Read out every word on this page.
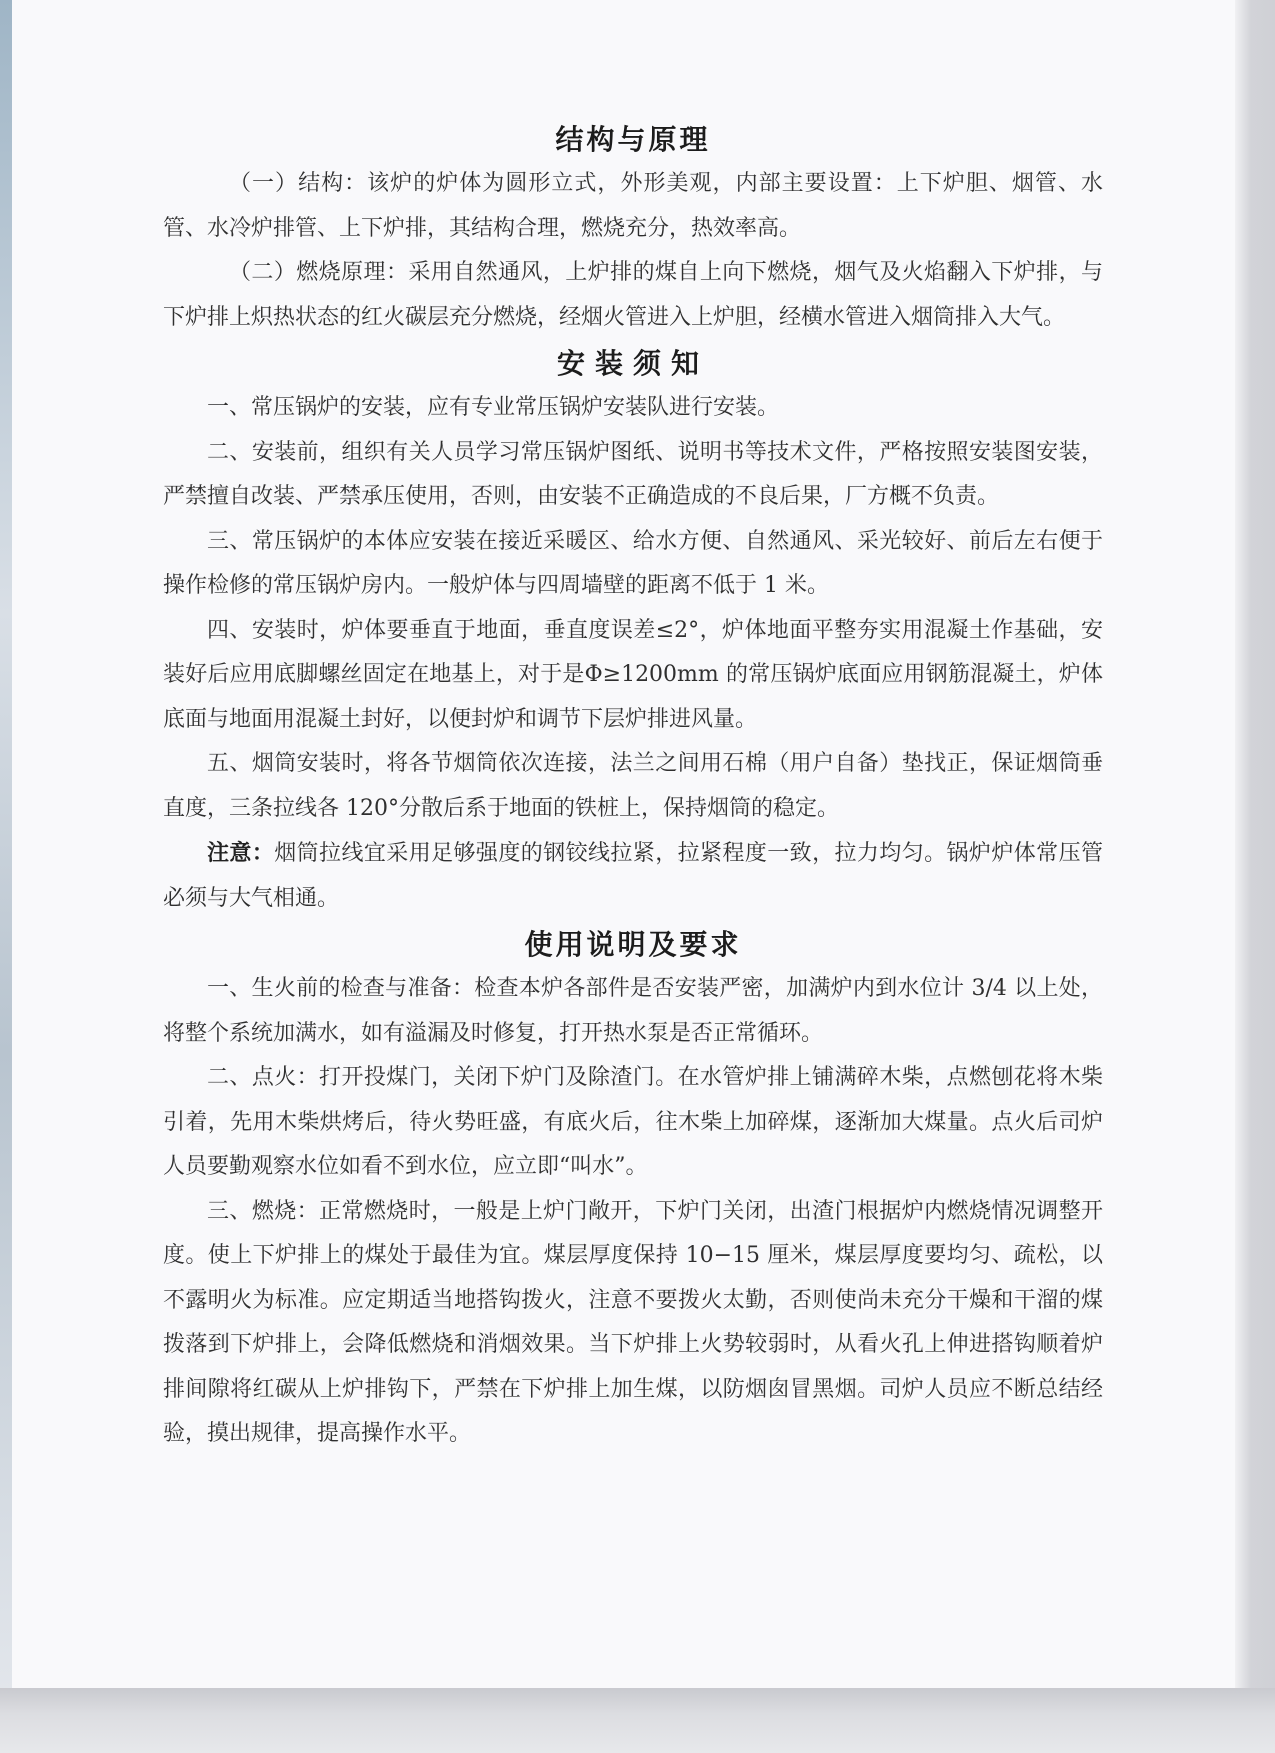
结构与原理

（一）结构：该炉的炉体为圆形立式，外形美观，内部主要设置：上下炉胆、烟管、水管、水冷炉排管、上下炉排，其结构合理，燃烧充分，热效率高。

（二）燃烧原理：采用自然通风，上炉排的煤自上向下燃烧，烟气及火焰翻入下炉排，与下炉排上炽热状态的红火碳层充分燃烧，经烟火管进入上炉胆，经横水管进入烟筒排入大气。

安装须知

一、常压锅炉的安装，应有专业常压锅炉安装队进行安装。

二、安装前，组织有关人员学习常压锅炉图纸、说明书等技术文件，严格按照安装图安装，严禁擅自改装、严禁承压使用，否则，由安装不正确造成的不良后果，厂方概不负责。

三、常压锅炉的本体应安装在接近采暖区、给水方便、自然通风、采光较好、前后左右便于操作检修的常压锅炉房内。一般炉体与四周墙壁的距离不低于 1 米。

四、安装时，炉体要垂直于地面，垂直度误差≤2°，炉体地面平整夯实用混凝土作基础，安装好后应用底脚螺丝固定在地基上，对于是Φ≥1200mm 的常压锅炉底面应用钢筋混凝土，炉体底面与地面用混凝土封好，以便封炉和调节下层炉排进风量。

五、烟筒安装时，将各节烟筒依次连接，法兰之间用石棉（用户自备）垫找正，保证烟筒垂直度，三条拉线各 120°分散后系于地面的铁桩上，保持烟筒的稳定。

注意：烟筒拉线宜采用足够强度的钢铰线拉紧，拉紧程度一致，拉力均匀。锅炉炉体常压管必须与大气相通。

使用说明及要求

一、生火前的检查与准备：检查本炉各部件是否安装严密，加满炉内到水位计 3/4 以上处，将整个系统加满水，如有溢漏及时修复，打开热水泵是否正常循环。

二、点火：打开投煤门，关闭下炉门及除渣门。在水管炉排上铺满碎木柴，点燃刨花将木柴引着，先用木柴烘烤后，待火势旺盛，有底火后，往木柴上加碎煤，逐渐加大煤量。点火后司炉人员要勤观察水位如看不到水位，应立即“叫水”。

三、燃烧：正常燃烧时，一般是上炉门敞开，下炉门关闭，出渣门根据炉内燃烧情况调整开度。使上下炉排上的煤处于最佳为宜。煤层厚度保持 10−15 厘米，煤层厚度要均匀、疏松，以不露明火为标准。应定期适当地搭钩拨火，注意不要拨火太勤，否则使尚未充分干燥和干溜的煤拨落到下炉排上，会降低燃烧和消烟效果。当下炉排上火势较弱时，从看火孔上伸进搭钩顺着炉排间隙将红碳从上炉排钩下，严禁在下炉排上加生煤，以防烟囱冒黑烟。司炉人员应不断总结经验，摸出规律，提高操作水平。
